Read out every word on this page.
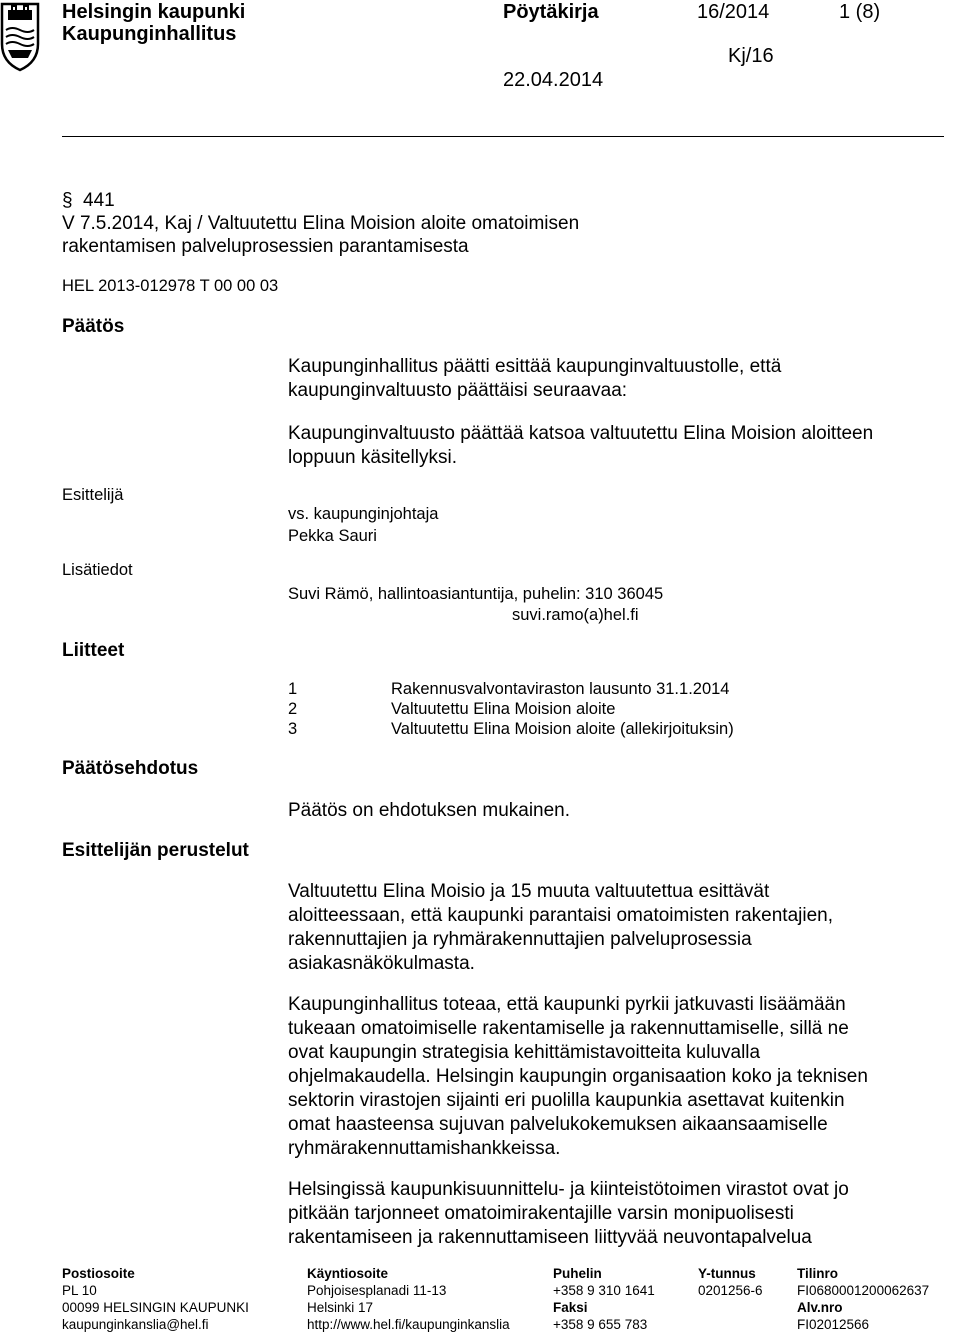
Helsingin kaupunki
Kaupunginhallitus
Pöytäkirja	16/2014	1 (8)
Kj/16
22.04.2014
§ 441
V 7.5.2014, Kaj / Valtuutettu Elina Moision aloite omatoimisen
rakentamisen palveluprosessien parantamisesta
HEL 2013-012978 T 00 00 03
Päätös
Kaupunginhallitus päätti esittää kaupunginvaltuustolle, että
kaupunginvaltuusto päättäisi seuraavaa:
Kaupunginvaltuusto päättää katsoa valtuutettu Elina Moision aloitteen
loppuun käsitellyksi.
Esittelijä
vs. kaupunginjohtaja
Pekka Sauri
Lisätiedot
Suvi Rämö, hallintoasiantuntija, puhelin: 310 36045
suvi.ramo(a)hel.fi
Liitteet
1	Rakennusvalvontaviraston lausunto 31.1.2014
2	Valtuutettu Elina Moision aloite
3	Valtuutettu Elina Moision aloite (allekirjoituksin)
Päätösehdotus
Päätös on ehdotuksen mukainen.
Esittelijän perustelut
Valtuutettu Elina Moisio ja 15 muuta valtuutettua esittävät
aloitteessaan, että kaupunki parantaisi omatoimisten rakentajien,
rakennuttajien ja ryhmärakennuttajien palveluprosessia
asiakasnäkökulmasta.
Kaupunginhallitus toteaa, että kaupunki pyrkii jatkuvasti lisäämään
tukeaan omatoimiselle rakentamiselle ja rakennuttamiselle, sillä ne
ovat kaupungin strategisia kehittämistavoitteita kuluvalla
ohjelmakaudella. Helsingin kaupungin organisaation koko ja teknisen
sektorin virastojen sijainti eri puolilla kaupunkia asettavat kuitenkin
omat haasteensa sujuvan palvelukokemuksen aikaansaamiselle
ryhmärakennuttamishankkeissa.
Helsingissä kaupunkisuunnittelu- ja kiinteistötoimen virastot ovat jo
pitkään tarjonneet omatoimirakentajille varsin monipuolisesti
rakentamiseen ja rakennuttamiseen liittyvää neuvontapalvelua
Postiosoite
PL 10
00099 HELSINGIN KAUPUNKI
kaupunginkanslia@hel.fi
Käyntiosoite
Pohjoisesplanadi 11-13
Helsinki 17
http://www.hel.fi/kaupunginkanslia
Puhelin
+358 9 310 1641
Faksi
+358 9 655 783
Y-tunnus
0201256-6
Tilinro
FI0680001200062637
Alv.nro
FI02012566
